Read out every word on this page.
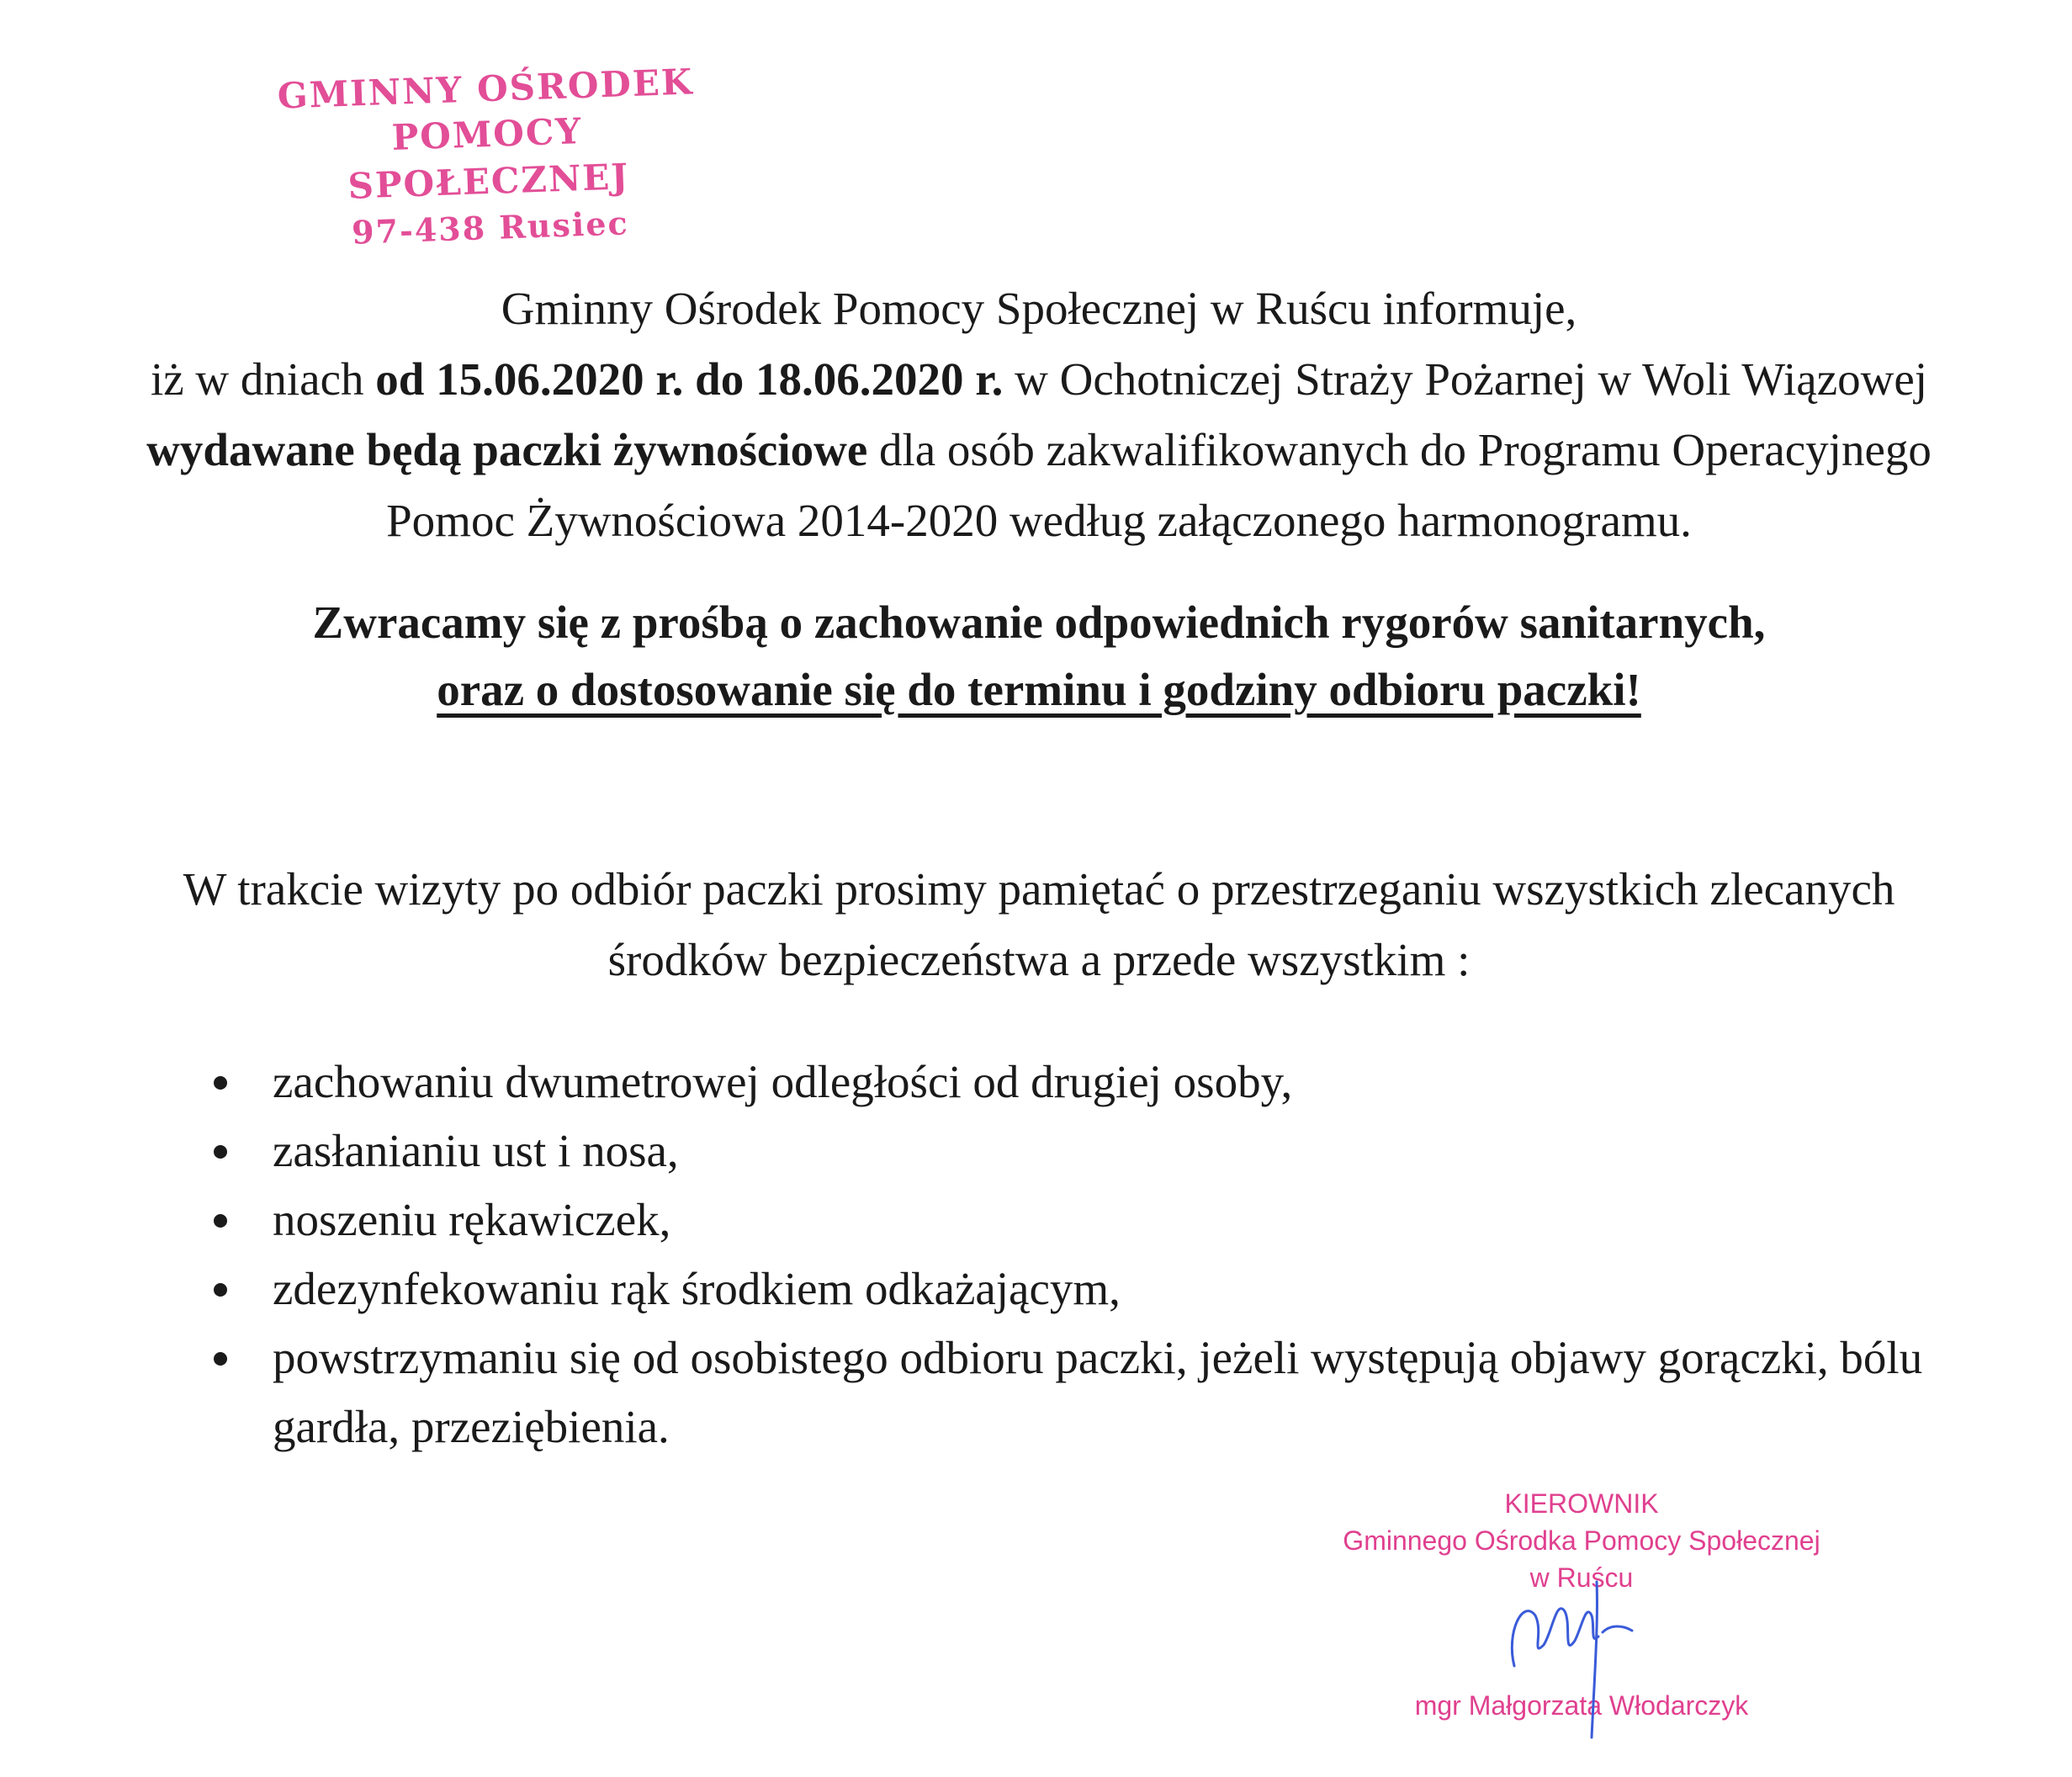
GMINNY OŚRODEK
POMOCY SPOŁECZNEJ
97-438 Rusiec
Gminny Ośrodek Pomocy Społecznej w Ruścu informuje,
iż w dniach od 15.06.2020 r. do 18.06.2020 r. w Ochotniczej Straży Pożarnej w Woli Wiązowej wydawane będą paczki żywnościowe dla osób zakwalifikowanych do Programu Operacyjnego Pomoc Żywnościowa 2014-2020 według załączonego harmonogramu.
Zwracamy się z prośbą o zachowanie odpowiednich rygorów sanitarnych,
oraz o dostosowanie się do terminu i godziny odbioru paczki!
W trakcie wizyty po odbiór paczki prosimy pamiętać o przestrzeganiu wszystkich zlecanych środków bezpieczeństwa a przede wszystkim :
zachowaniu dwumetrowej odległości od drugiej osoby,
zasłanianiu ust i nosa,
noszeniu rękawiczek,
zdezynfekowaniu rąk środkiem odkażającym,
powstrzymaniu się od osobistego odbioru paczki, jeżeli występują objawy gorączki, bólu gardła, przeziębienia.
KIEROWNIK
Gminnego Ośrodka Pomocy Społecznej
w Ruścu
mgr Małgorzata Włodarczyk
